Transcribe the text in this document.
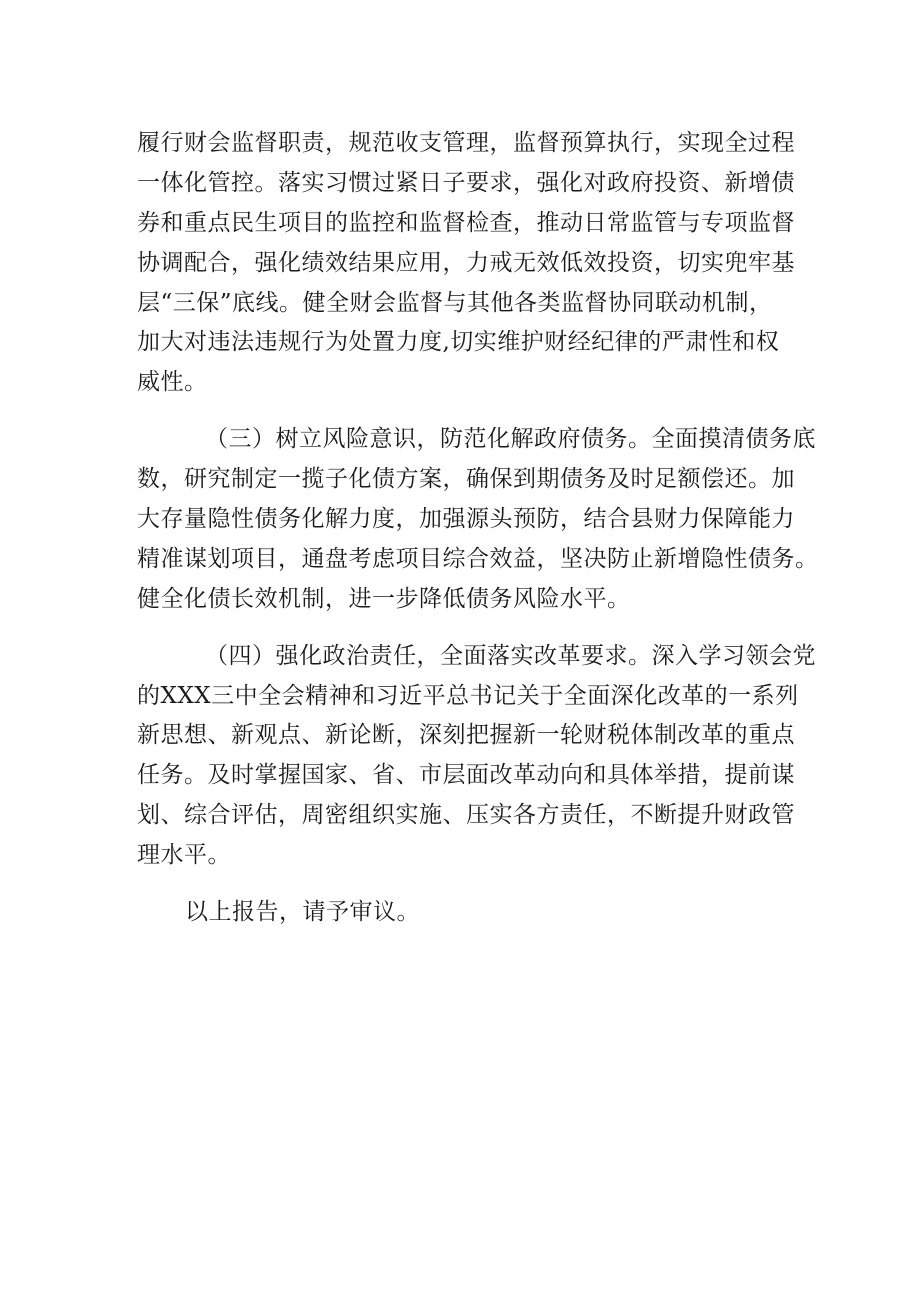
履行财会监督职责，规范收支管理，监督预算执行，实现全过程
一体化管控。落实习惯过紧日子要求，强化对政府投资、新增债
券和重点民生项目的监控和监督检查，推动日常监管与专项监督
协调配合，强化绩效结果应用，力戒无效低效投资，切实兜牢基
层“三保”底线。健全财会监督与其他各类监督协同联动机制，
加大对违法违规行为处置力度,切实维护财经纪律的严肃性和权
威性。
（三）树立风险意识，防范化解政府债务。全面摸清债务底
数，研究制定一揽子化债方案，确保到期债务及时足额偿还。加
大存量隐性债务化解力度，加强源头预防，结合县财力保障能力
精准谋划项目，通盘考虑项目综合效益，坚决防止新增隐性债务。
健全化债长效机制，进一步降低债务风险水平。
（四）强化政治责任，全面落实改革要求。深入学习领会党
的XXX三中全会精神和习近平总书记关于全面深化改革的一系列
新思想、新观点、新论断，深刻把握新一轮财税体制改革的重点
任务。及时掌握国家、省、市层面改革动向和具体举措，提前谋
划、综合评估，周密组织实施、压实各方责任，不断提升财政管
理水平。
以上报告，请予审议。
